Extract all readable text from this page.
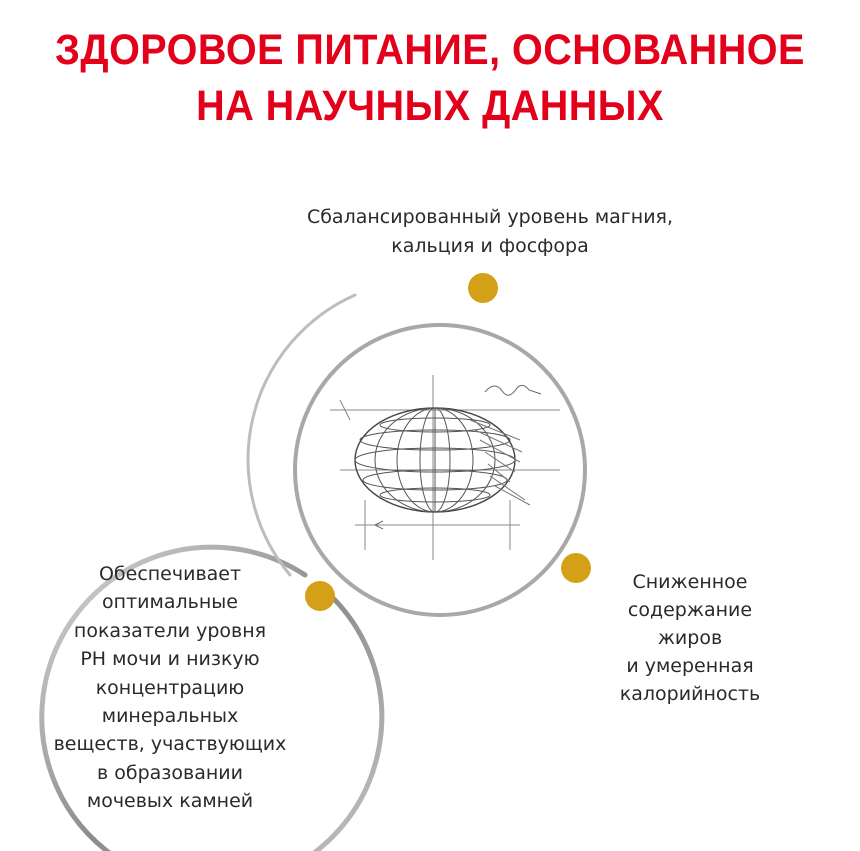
ЗДОРОВОЕ ПИТАНИЕ, ОСНОВАННОЕ
НА НАУЧНЫХ ДАННЫХ
Сбалансированный уровень магния,
кальция и фосфора
Обеспечивает
оптимальные
показатели уровня
РН мочи и низкую
концентрацию
минеральных
веществ, участвующих
в образовании
мочевых камней
Сниженное
содержание
жиров
и умеренная
калорийность
